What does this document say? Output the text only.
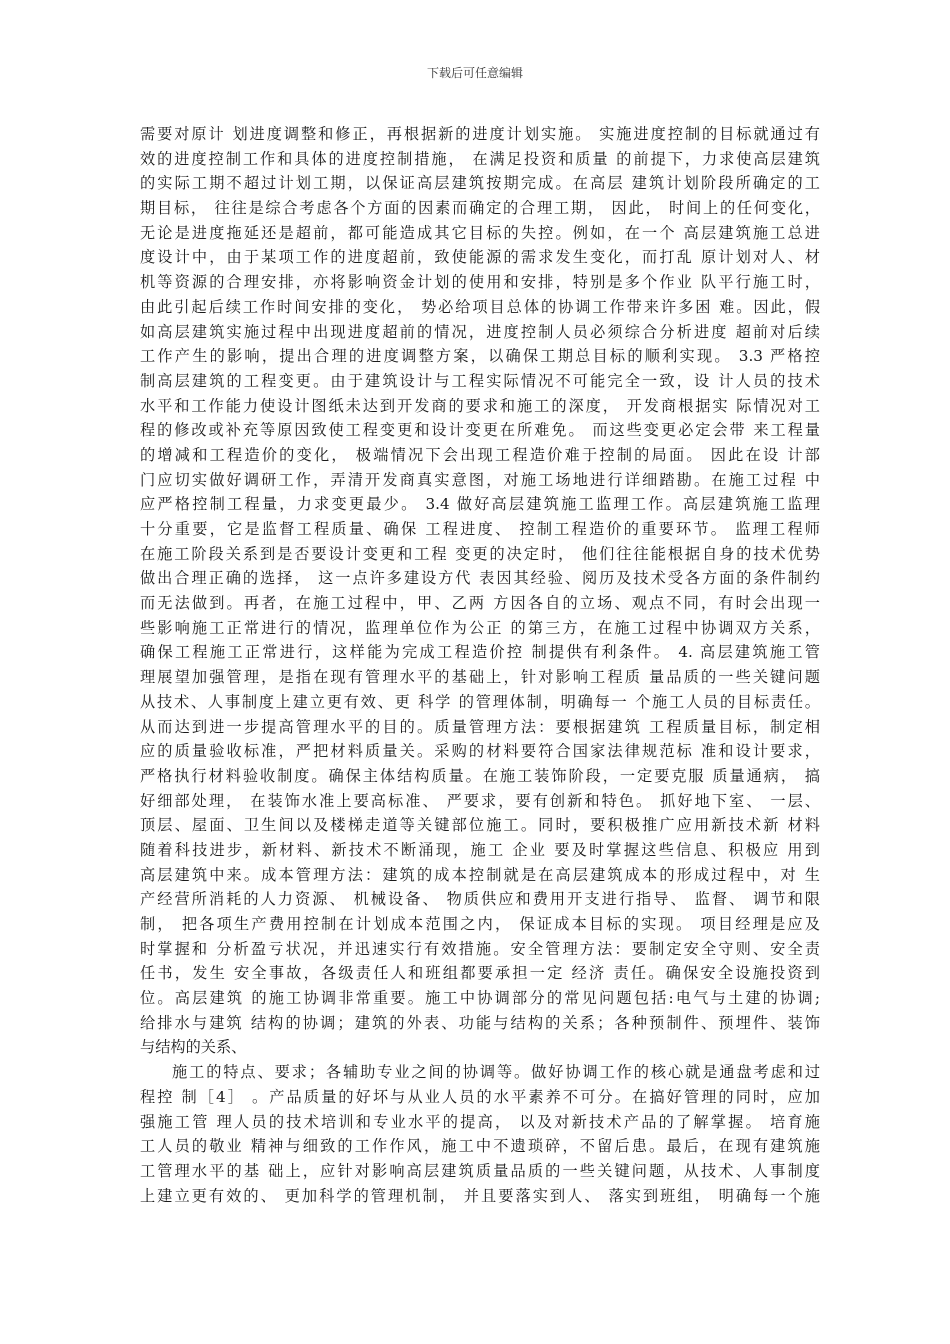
下载后可任意编辑
需要对原计 划进度调整和修正，再根据新的进度计划实施。 实施进度控制的目标就通过有
效的进度控制工作和具体的进度控制措施， 在满足投资和质量 的前提下，力求使高层建筑
的实际工期不超过计划工期，以保证高层建筑按期完成。在高层 建筑计划阶段所确定的工
期目标， 往往是综合考虑各个方面的因素而确定的合理工期， 因此， 时间上的任何变化，
无论是进度拖延还是超前，都可能造成其它目标的失控。例如，在一个 高层建筑施工总进
度设计中，由于某项工作的进度超前，致使能源的需求发生变化，而打乱 原计划对人、材
机等资源的合理安排，亦将影响资金计划的使用和安排，特别是多个作业 队平行施工时，
由此引起后续工作时间安排的变化， 势必给项目总体的协调工作带来许多困 难。因此，假
如高层建筑实施过程中出现进度超前的情况，进度控制人员必须综合分析进度 超前对后续
工作产生的影响，提出合理的进度调整方案，以确保工期总目标的顺利实现。 3.3 严格控
制高层建筑的工程变更。由于建筑设计与工程实际情况不可能完全一致，设 计人员的技术
水平和工作能力使设计图纸未达到开发商的要求和施工的深度， 开发商根据实 际情况对工
程的修改或补充等原因致使工程变更和设计变更在所难免。 而这些变更必定会带 来工程量
的增减和工程造价的变化， 极端情况下会出现工程造价难于控制的局面。 因此在设 计部
门应切实做好调研工作，弄清开发商真实意图，对施工场地进行详细踏勘。在施工过程 中
应严格控制工程量，力求变更最少。 3.4 做好高层建筑施工监理工作。高层建筑施工监理
十分重要，它是监督工程质量、确保 工程进度、 控制工程造价的重要环节。 监理工程师
在施工阶段关系到是否要设计变更和工程 变更的决定时， 他们往往能根据自身的技术优势
做出合理正确的选择， 这一点许多建设方代 表因其经验、阅历及技术受各方面的条件制约
而无法做到。再者，在施工过程中，甲、乙两 方因各自的立场、观点不同，有时会出现一
些影响施工正常进行的情况，监理单位作为公正 的第三方，在施工过程中协调双方关系，
确保工程施工正常进行，这样能为完成工程造价控 制提供有利条件。 4. 高层建筑施工管
理展望加强管理，是指在现有管理水平的基础上，针对影响工程质 量品质的一些关键问题
从技术、人事制度上建立更有效、更 科学 的管理体制，明确每一 个施工人员的目标责任。
从而达到进一步提高管理水平的目的。质量管理方法：要根据建筑 工程质量目标，制定相
应的质量验收标准，严把材料质量关。采购的材料要符合国家法律规范标 准和设计要求，
严格执行材料验收制度。确保主体结构质量。在施工装饰阶段，一定要克服 质量通病， 搞
好细部处理， 在装饰水准上要高标准、 严要求，要有创新和特色。 抓好地下室、 一层、
顶层、屋面、卫生间以及楼梯走道等关键部位施工。同时，要积极推广应用新技术新 材料
随着科技进步，新材料、新技术不断涌现，施工 企业 要及时掌握这些信息、积极应 用到
高层建筑中来。成本管理方法：建筑的成本控制就是在高层建筑成本的形成过程中，对 生
产经营所消耗的人力资源、 机械设备、 物质供应和费用开支进行指导、 监督、 调节和限
制， 把各项生产费用控制在计划成本范围之内， 保证成本目标的实现。 项目经理是应及
时掌握和 分析盈亏状况，并迅速实行有效措施。安全管理方法：要制定安全守则、安全责
任书，发生 安全事故，各级责任人和班组都要承担一定 经济 责任。确保安全设施投资到
位。高层建筑 的施工协调非常重要。施工中协调部分的常见问题包括:电气与土建的协调;
给排水与建筑 结构的协调；建筑的外表、功能与结构的关系；各种预制件、预埋件、装饰
与结构的关系、
施工的特点、要求；各辅助专业之间的协调等。做好协调工作的核心就是通盘考虑和过
程控 制［4］ 。产品质量的好坏与从业人员的水平素养不可分。在搞好管理的同时，应加
强施工管 理人员的技术培训和专业水平的提高， 以及对新技术产品的了解掌握。 培育施
工人员的敬业 精神与细致的工作作风，施工中不遗琐碎，不留后患。最后，在现有建筑施
工管理水平的基 础上，应针对影响高层建筑质量品质的一些关键问题，从技术、人事制度
上建立更有效的、 更加科学的管理机制， 并且要落实到人、 落实到班组， 明确每一个施
